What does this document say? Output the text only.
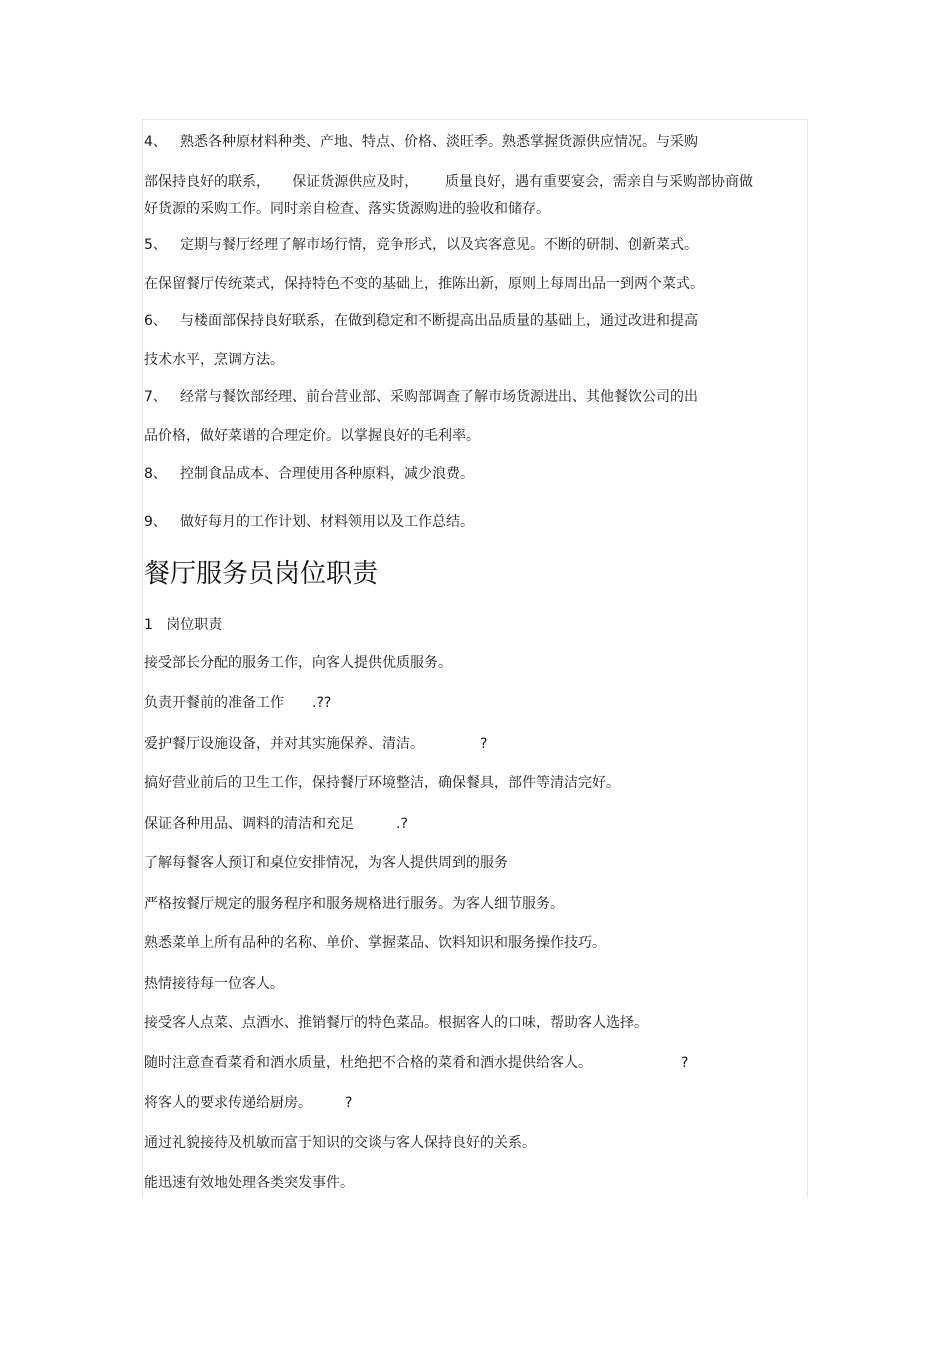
4、 熟悉各种原材料种类、产地、特点、价格、淡旺季。熟悉掌握货源供应情况。与采购
部保持良好的联系，     保证货源供应及时，      质量良好，遇有重要宴会，需亲自与采购部协商做
好货源的采购工作。同时亲自检查、落实货源购进的验收和储存。
5、 定期与餐厅经理了解市场行情，竞争形式，以及宾客意见。不断的研制、创新菜式。
在保留餐厅传统菜式，保持特色不变的基础上，推陈出新，原则上每周出品一到两个菜式。
6、 与楼面部保持良好联系，在做到稳定和不断提高出品质量的基础上，通过改进和提高
技术水平，烹调方法。
7、 经常与餐饮部经理、前台营业部、采购部调查了解市场货源进出、其他餐饮公司的出
品价格，做好菜谱的合理定价。以掌握良好的毛利率。
8、 控制食品成本、合理使用各种原料，减少浪费。
9、 做好每月的工作计划、材料领用以及工作总结。
餐厅服务员岗位职责
1   岗位职责
接受部长分配的服务工作，向客人提供优质服务。
负责开餐前的准备工作 .??
爱护餐厅设施设备，并对其实施保养、清洁。	?
搞好营业前后的卫生工作，保持餐厅环境整洁，确保餐具，部件等清洁完好。
保证各种用品、调料的清洁和充足	.?
了解每餐客人预订和桌位安排情况，为客人提供周到的服务
严格按餐厅规定的服务程序和服务规格进行服务。为客人细节服务。
熟悉菜单上所有品种的名称、单价、掌握菜品、饮料知识和服务操作技巧。
热情接待每一位客人。
接受客人点菜、点酒水、推销餐厅的特色菜品。根据客人的口味，帮助客人选择。
随时注意查看菜肴和酒水质量，杜绝把不合格的菜肴和酒水提供给客人。	?
将客人的要求传递给厨房。 ?
通过礼貌接待及机敏而富于知识的交谈与客人保持良好的关系。
能迅速有效地处理各类突发事件。
